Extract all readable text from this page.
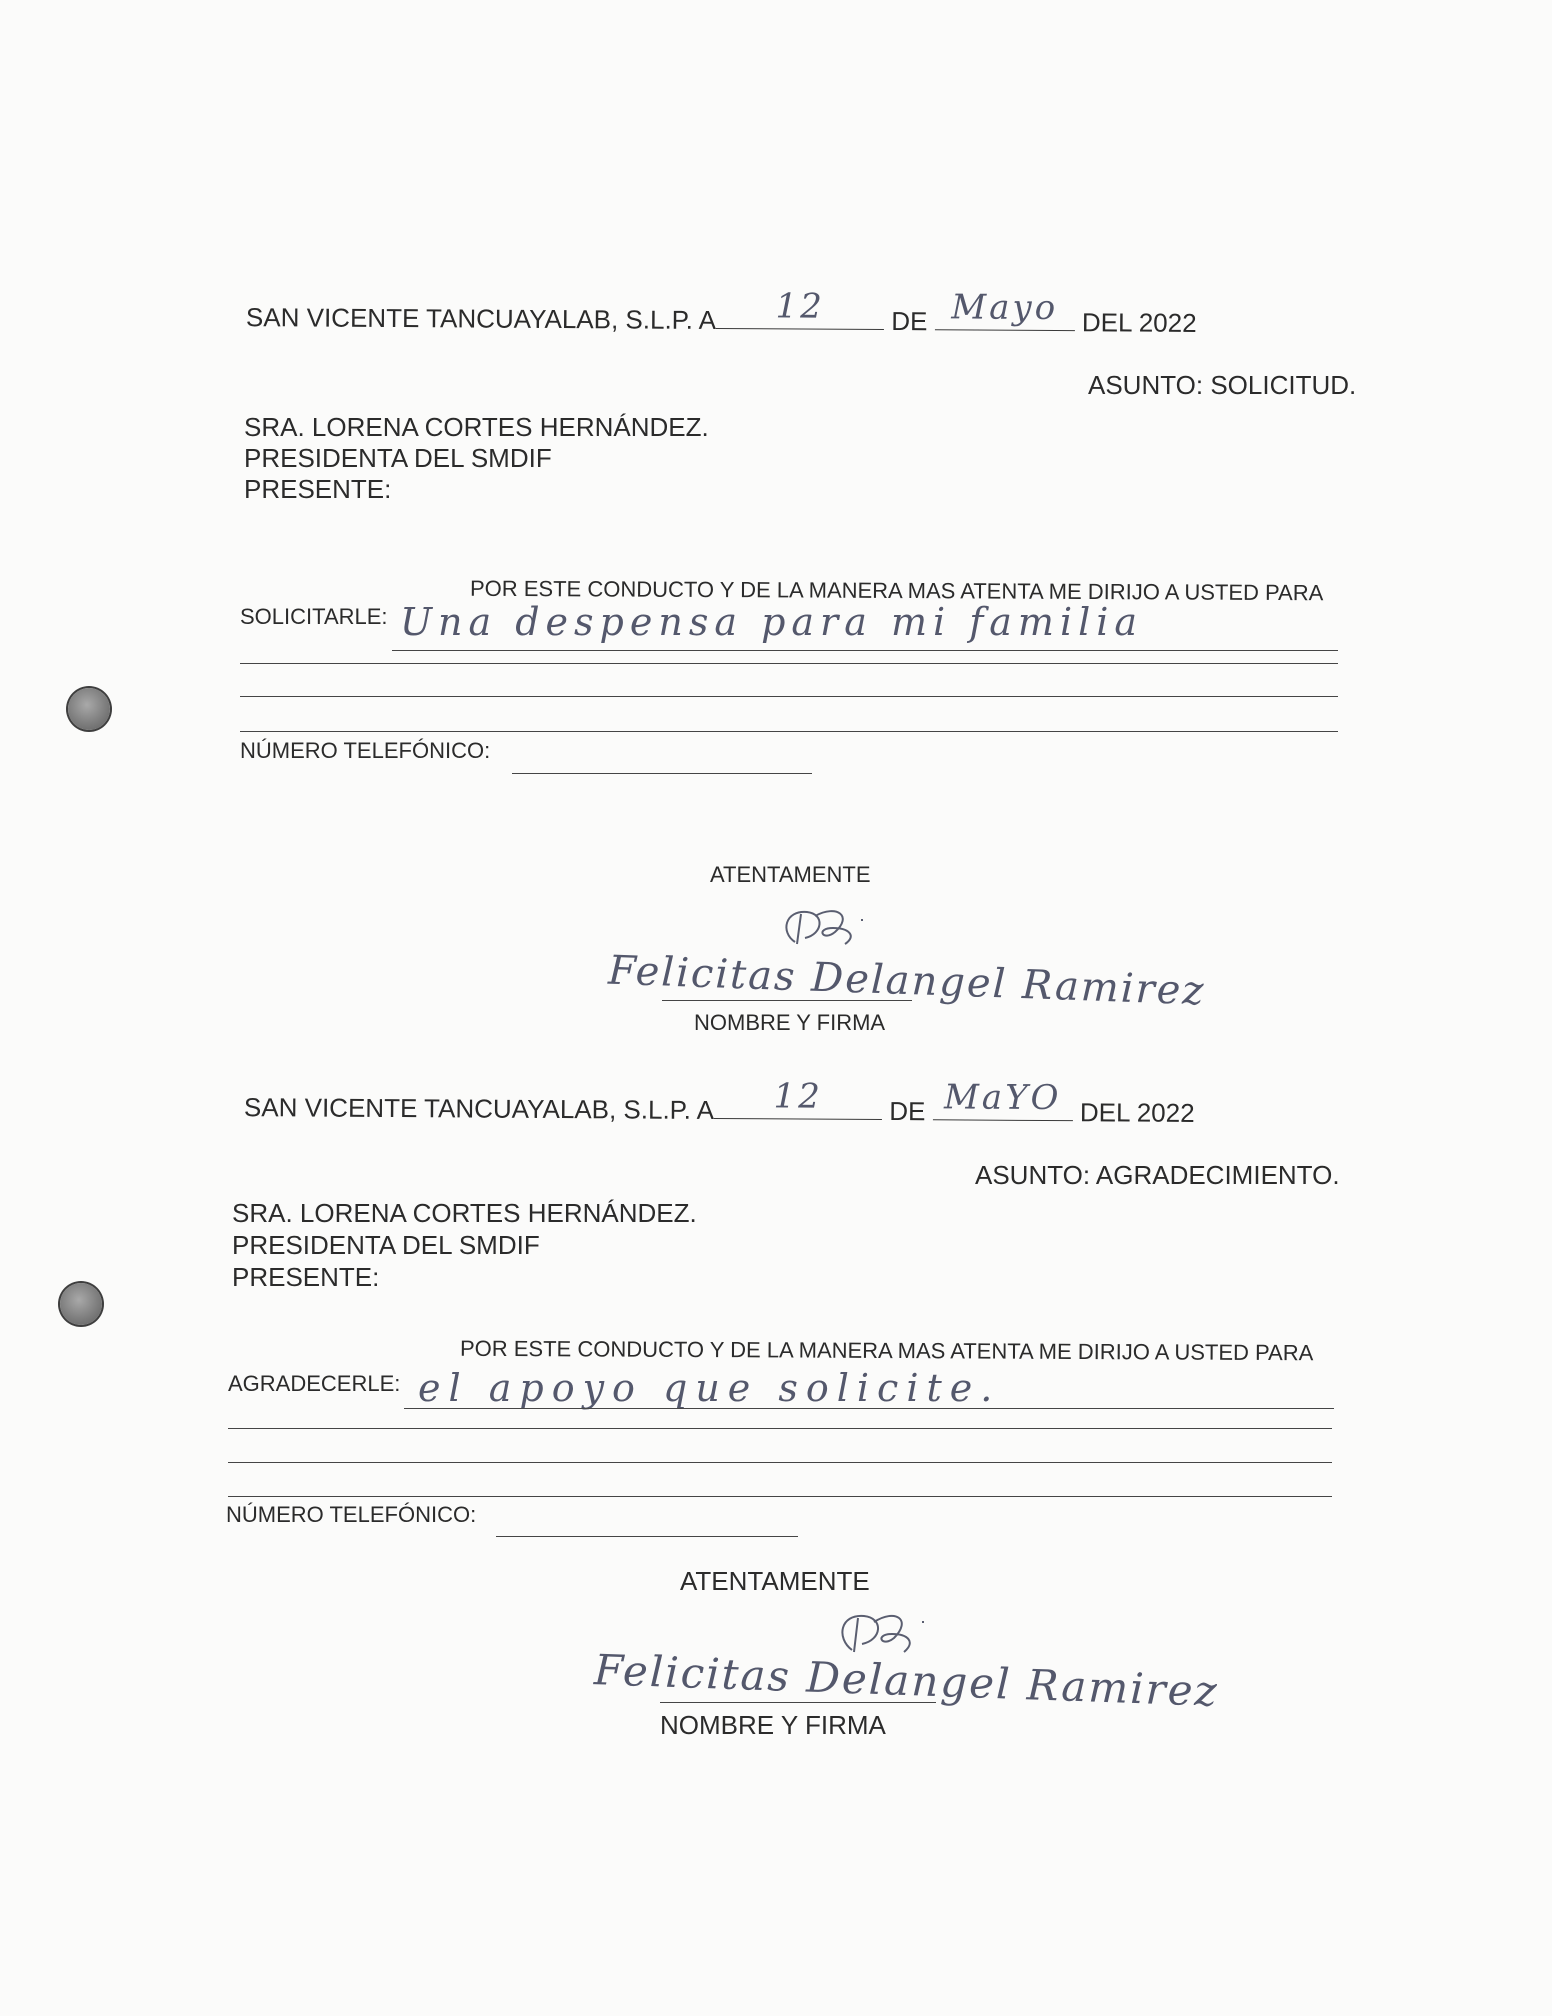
SAN VICENTE TANCUAYALAB, S.L.P. A	12	DE Mayo DEL 2022
ASUNTO: SOLICITUD.
SRA. LORENA CORTES HERNÁNDEZ.
PRESIDENTA DEL SMDIF
PRESENTE:
POR ESTE CONDUCTO Y DE LA MANERA MAS ATENTA ME DIRIJO A USTED PARA
SOLICITARLE: Una despensa para mi familia
NÚMERO TELEFÓNICO:
ATENTAMENTE
Felicitas Delangel Ramirez
NOMBRE Y FIRMA
SAN VICENTE TANCUAYALAB, S.L.P. A	12	DE MaYO DEL 2022
ASUNTO: AGRADECIMIENTO.
SRA. LORENA CORTES HERNÁNDEZ.
PRESIDENTA DEL SMDIF
PRESENTE:
POR ESTE CONDUCTO Y DE LA MANERA MAS ATENTA ME DIRIJO A USTED PARA
AGRADECERLE: el apoyo que solicite.
NÚMERO TELEFÓNICO:
ATENTAMENTE
Felicitas Delangel Ramirez
NOMBRE Y FIRMA
